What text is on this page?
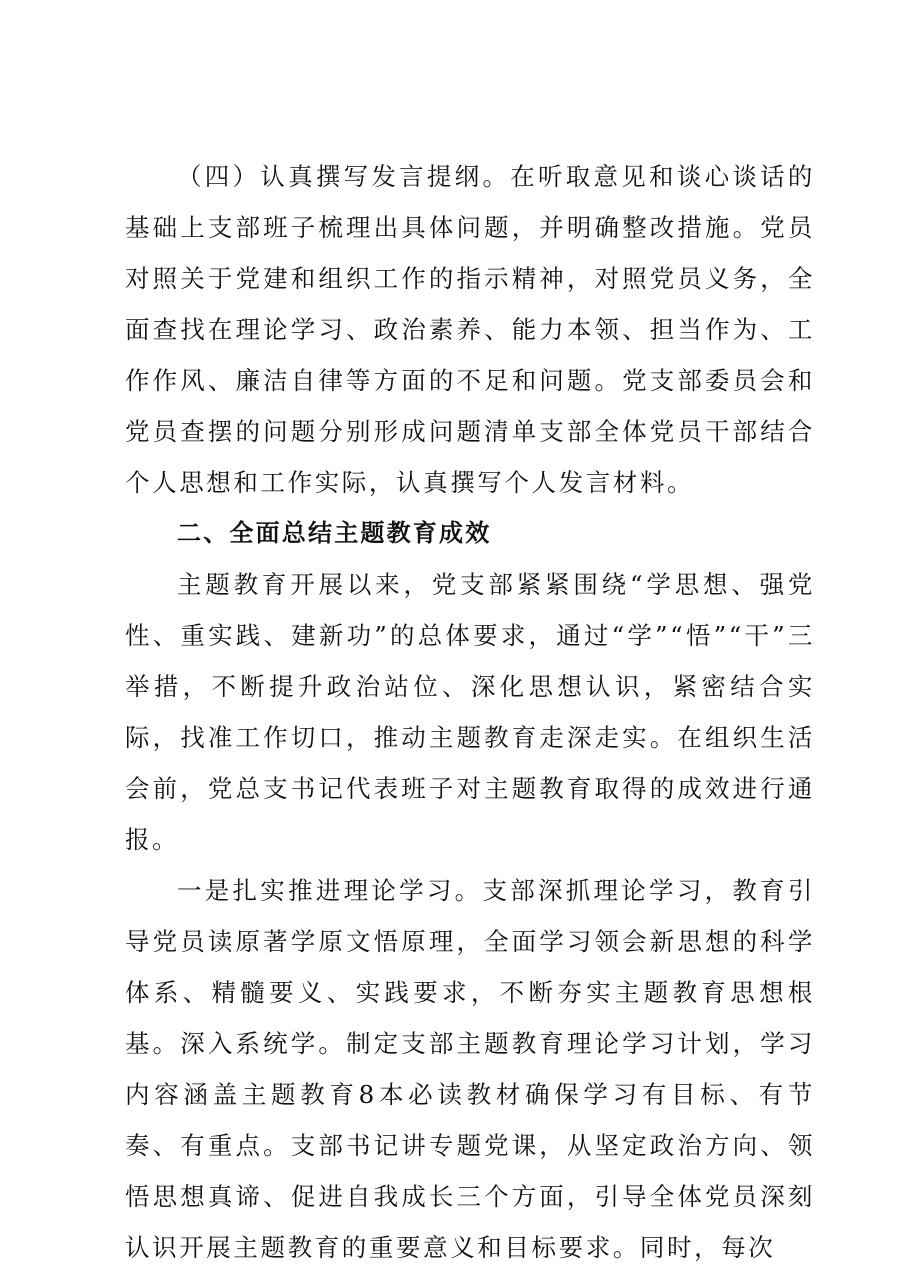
（四）认真撰写发言提纲。在听取意见和谈心谈话的基础上支部班子梳理出具体问题，并明确整改措施。党员对照关于党建和组织工作的指示精神，对照党员义务，全面查找在理论学习、政治素养、能力本领、担当作为、工作作风、廉洁自律等方面的不足和问题。党支部委员会和党员查摆的问题分别形成问题清单支部全体党员干部结合个人思想和工作实际，认真撰写个人发言材料。

二、全面总结主题教育成效

主题教育开展以来，党支部紧紧围绕“学思想、强党性、重实践、建新功”的总体要求，通过“学”“悟”“干”三举措，不断提升政治站位、深化思想认识，紧密结合实际，找准工作切口，推动主题教育走深走实。在组织生活会前，党总支书记代表班子对主题教育取得的成效进行通报。

一是扎实推进理论学习。支部深抓理论学习，教育引导党员读原著学原文悟原理，全面学习领会新思想的科学体系、精髓要义、实践要求，不断夯实主题教育思想根基。深入系统学。制定支部主题教育理论学习计划，学习内容涵盖主题教育8本必读教材确保学习有目标、有节奏、有重点。支部书记讲专题党课，从坚定政治方向、领悟思想真谛、促进自我成长三个方面，引导全体党员深刻认识开展主题教育的重要意义和目标要求。同时，每次
